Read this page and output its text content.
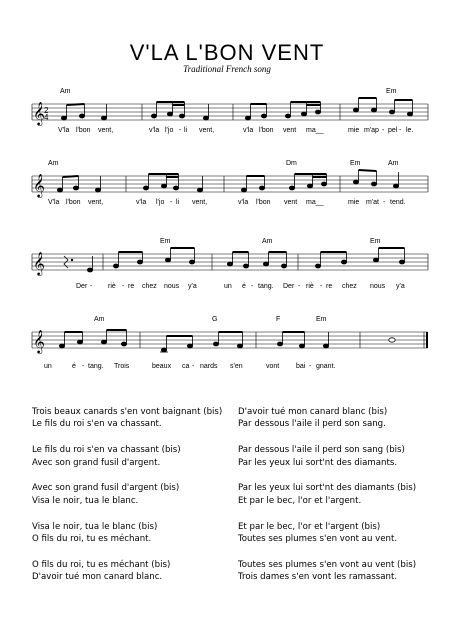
V'LA L'BON VENT
Traditional French song
𝄞 2
4
Am	Em
V'la l'bon vent,	v'la l'jo - li vent,	v'la l'bon vent ma__	mie m'ap - pel - le.
𝄞
Am	Dm	Em	Am
V'la l'bon vent,	v'la l'jo - li vent,	v'la l'bon vent ma__	mie m'at - tend.
𝄞
Em	Am	Em
Der - riè - re chez nous y'a	un é - tang. Der - riè - re chez nous y'a
𝄞
Am	G	F	Em
un	é - tang. Trois	beaux ca - nards s'en	vont bai - gnant.
Trois beaux canards s'en vont baignant (bis)
Le fils du roi s'en va chassant.
Le fils du roi s'en va chassant (bis)
Avec son grand fusil d'argent.
Avec son grand fusil d'argent (bis)
Visa le noir, tua le blanc.
Visa le noir, tua le blanc (bis)
O fils du roi, tu es méchant.
O fils du roi, tu es méchant (bis)
D'avoir tué mon canard blanc.
D'avoir tué mon canard blanc (bis)
Par dessous l'aile il perd son sang.
Par dessous l'aile il perd son sang (bis)
Par les yeux lui sort'nt des diamants.
Par les yeux lui sort'nt des diamants (bis)
Et par le bec, l'or et l'argent.
Et par le bec, l'or et l'argent (bis)
Toutes ses plumes s'en vont au vent.
Toutes ses plumes s'en vont au vent (bis)
Trois dames s'en vont les ramassant.
